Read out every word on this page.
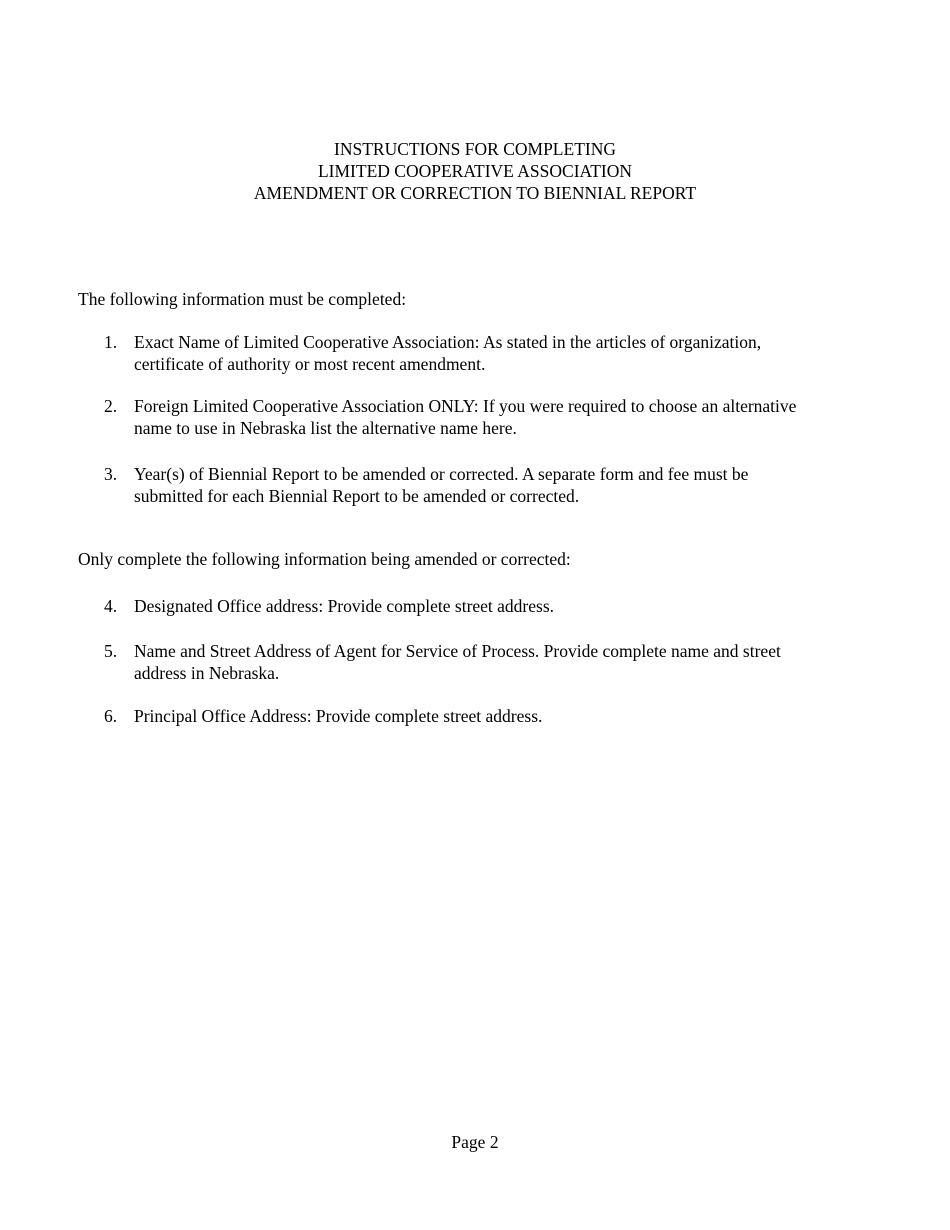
INSTRUCTIONS FOR COMPLETING
LIMITED COOPERATIVE ASSOCIATION
AMENDMENT OR CORRECTION TO BIENNIAL REPORT
The following information must be completed:
1. Exact Name of Limited Cooperative Association: As stated in the articles of organization,
certificate of authority or most recent amendment.
2. Foreign Limited Cooperative Association ONLY: If you were required to choose an alternative
name to use in Nebraska list the alternative name here.
3. Year(s) of Biennial Report to be amended or corrected. A separate form and fee must be
submitted for each Biennial Report to be amended or corrected.
Only complete the following information being amended or corrected:
4. Designated Office address: Provide complete street address.
5. Name and Street Address of Agent for Service of Process. Provide complete name and street
address in Nebraska.
6. Principal Office Address: Provide complete street address.
Page 2
